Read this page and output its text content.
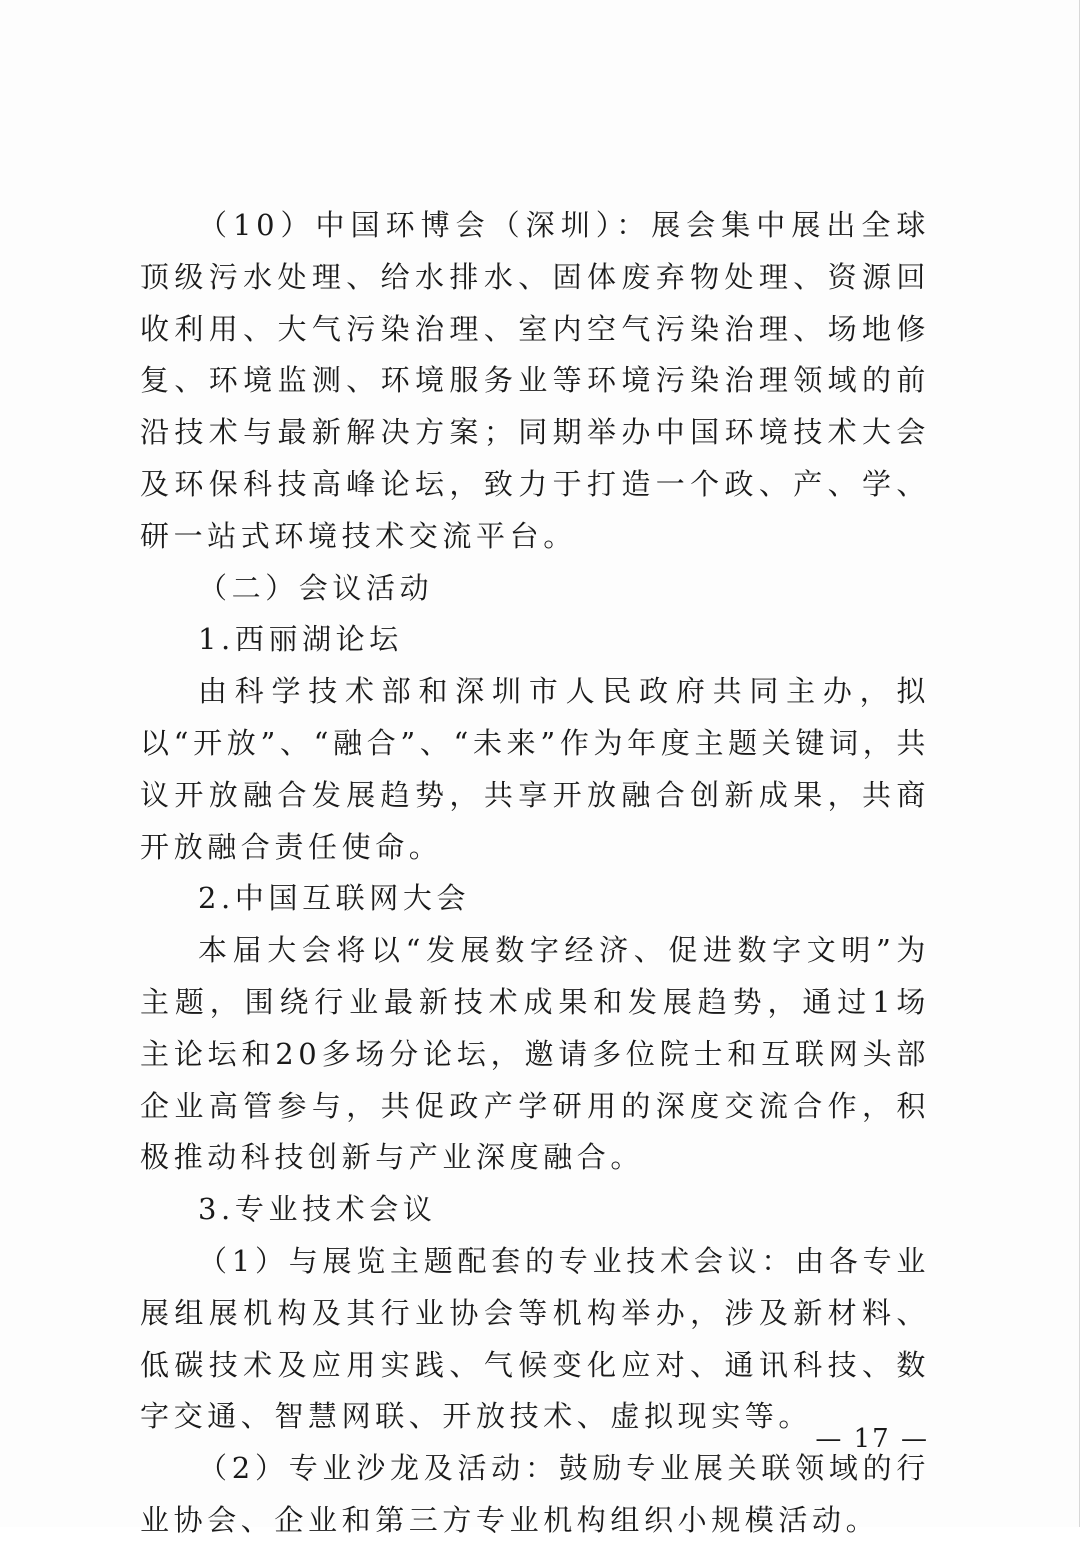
（10）中国环博会（深圳）：展会集中展出全球顶级污水处理、给水排水、固体废弃物处理、资源回收利用、大气污染治理、室内空气污染治理、场地修复、环境监测、环境服务业等环境污染治理领域的前沿技术与最新解决方案；同期举办中国环境技术大会及环保科技高峰论坛，致力于打造一个政、产、学、研一站式环境技术交流平台。

（二）会议活动

1.西丽湖论坛

由科学技术部和深圳市人民政府共同主办，拟以“开放”、“融合”、“未来”作为年度主题关键词，共议开放融合发展趋势，共享开放融合创新成果，共商开放融合责任使命。

2.中国互联网大会

本届大会将以“发展数字经济、促进数字文明”为主题，围绕行业最新技术成果和发展趋势，通过1场主论坛和20多场分论坛，邀请多位院士和互联网头部企业高管参与，共促政产学研用的深度交流合作，积极推动科技创新与产业深度融合。

3.专业技术会议

（1）与展览主题配套的专业技术会议：由各专业展组展机构及其行业协会等机构举办，涉及新材料、低碳技术及应用实践、气候变化应对、通讯科技、数字交通、智慧网联、开放技术、虚拟现实等。

（2）专业沙龙及活动：鼓励专业展关联领域的行业协会、企业和第三方专业机构组织小规模活动。

— 17 —
